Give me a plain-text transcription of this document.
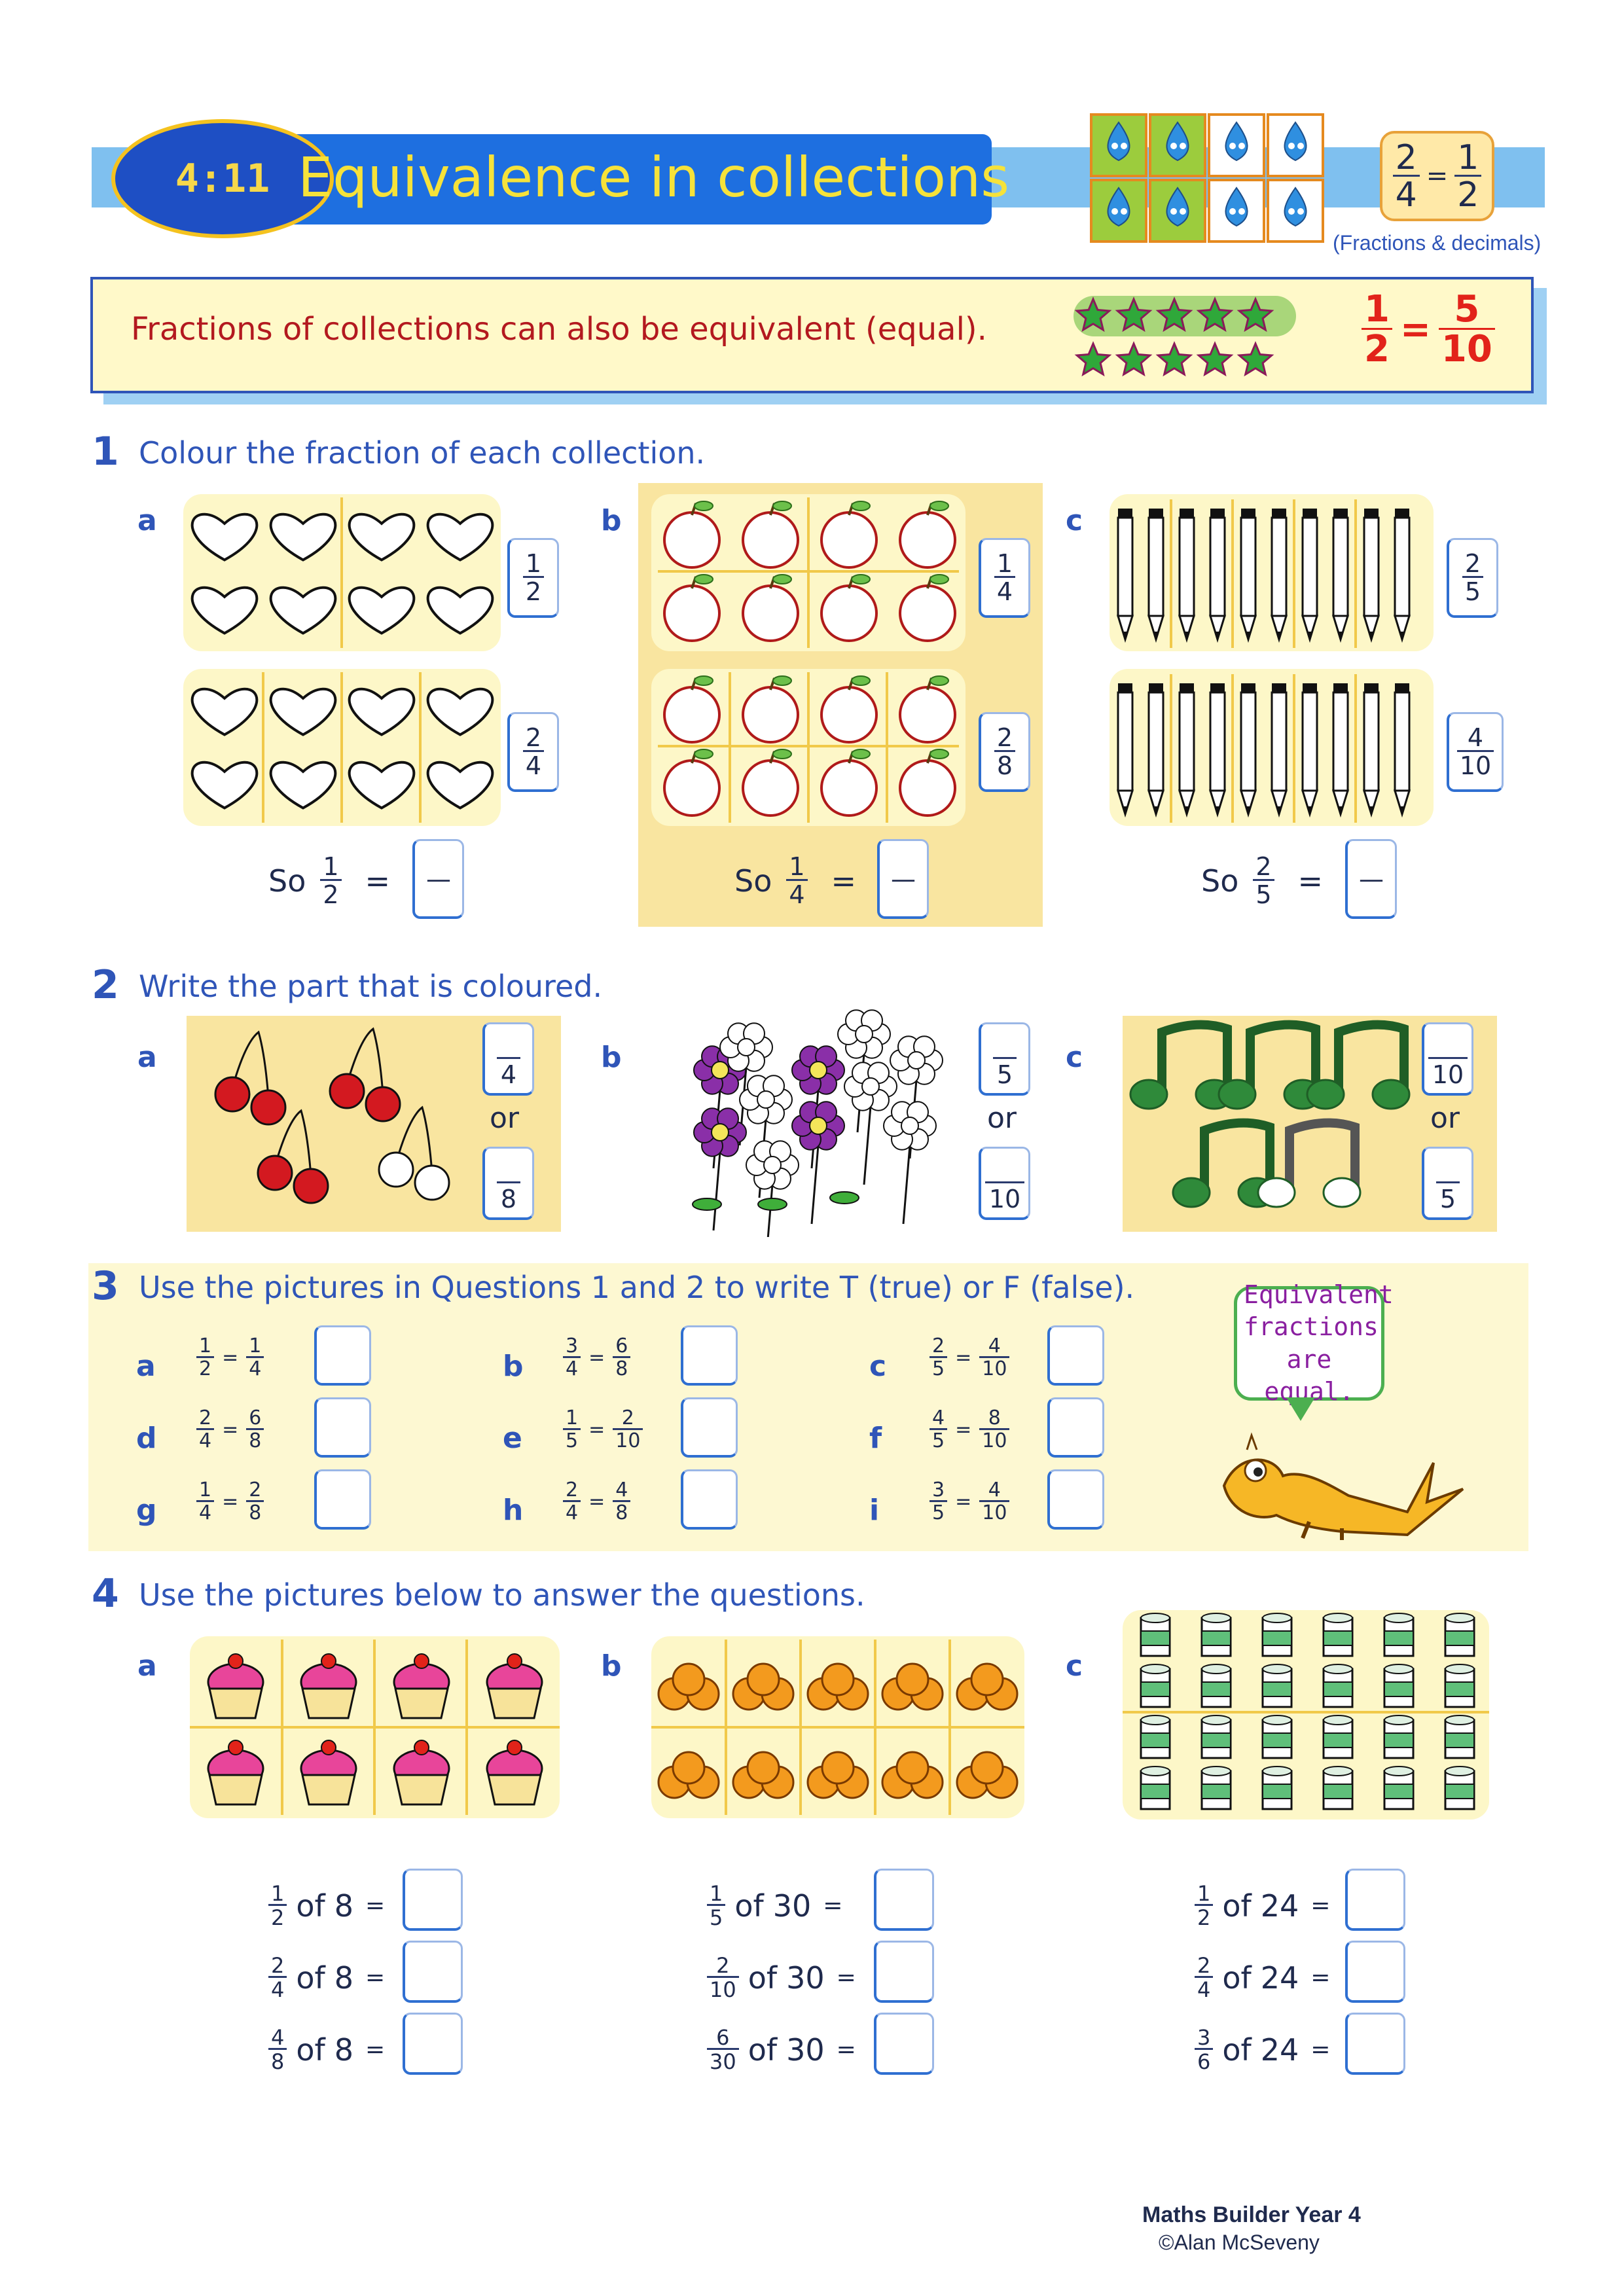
4:11 Equivalence in collections	$\frac{2}{4} = \frac{1}{2}$
(Fractions & decimals)
Fractions of collections can also be equivalent (equal).	$\frac{1}{2} = \frac{5}{10}$
1 Colour the fraction of each collection.
a	b	c
$\frac{1}{2}$
$\frac{2}{4}$
$\frac{1}{4}$
$\frac{2}{8}$
$\frac{2}{5}$
$\frac{4}{10}$
So $\frac{1}{2}$ = —	So $\frac{1}{4}$ = —	So $\frac{2}{5}$ = —
2 Write the part that is coloured.
a	b	c
4
or
8
5
or
10
10
or
5
3 Use the pictures in Questions 1 and 2 to write T (true) or F (false).
a $\frac{1}{2} = \frac{1}{4}$	b $\frac{3}{4} = \frac{6}{8}$	c $\frac{2}{5} = \frac{4}{10}$
d $\frac{2}{4} = \frac{6}{8}$	e $\frac{1}{5} = \frac{2}{10}$	f $\frac{4}{5} = \frac{8}{10}$
g $\frac{1}{4} = \frac{2}{8}$	h $\frac{2}{4} = \frac{4}{8}$	i	$\frac{3}{5} = \frac{4}{10}$
Equivalent fractions are equal.
4 Use the pictures below to answer the questions.
a	b	c
$\frac{1}{2}$ of 8 =
$\frac{2}{4}$ of 8 =
$\frac{4}{8}$ of 8 =
$\frac{1}{5}$ of 30 =
$\frac{2}{10}$ of 30 =
$\frac{6}{30}$ of 30 =
$\frac{1}{2}$ of 24 =
$\frac{2}{4}$ of 24 =
$\frac{3}{6}$ of 24 =
Maths Builder Year 4
©Alan McSeveny
